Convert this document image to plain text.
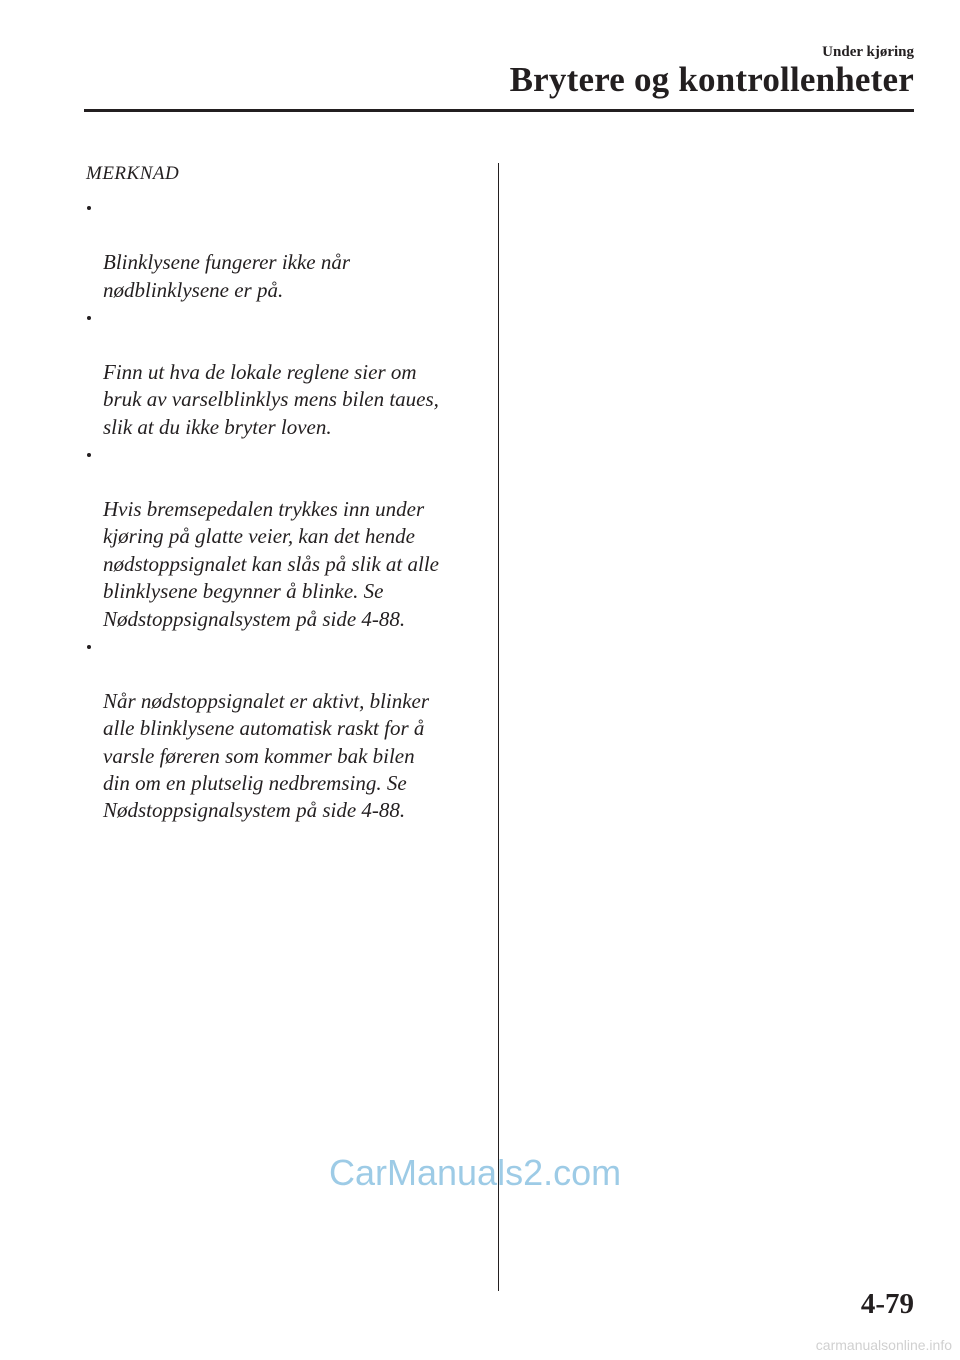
Under kjøring
Brytere og kontrollenheter
MERKNAD

Blinklysene fungerer ikke når
nødblinklysene er på.

Finn ut hva de lokale reglene sier om
bruk av varselblinklys mens bilen taues,
slik at du ikke bryter loven.

Hvis bremsepedalen trykkes inn under
kjøring på glatte veier, kan det hende
nødstoppsignalet kan slås på slik at alle
blinklysene begynner å blinke. Se
Nødstoppsignalsystem på side 4-88.

Når nødstoppsignalet er aktivt, blinker
alle blinklysene automatisk raskt for å
varsle føreren som kommer bak bilen
din om en plutselig nedbremsing. Se
Nødstoppsignalsystem på side 4-88.

CarManuals2.com
4-79
carmanualsonline.info
